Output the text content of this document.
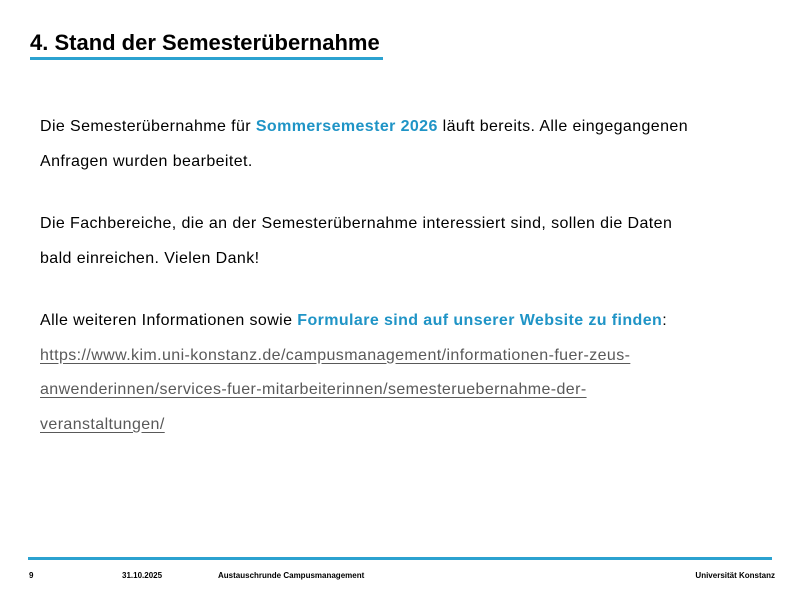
4. Stand der Semesterübernahme
Die Semesterübernahme für Sommersemester 2026 läuft bereits. Alle eingegangenen
Anfragen wurden bearbeitet.
Die Fachbereiche, die an der Semesterübernahme interessiert sind, sollen die Daten
bald einreichen. Vielen Dank!
Alle weiteren Informationen sowie Formulare sind auf unserer Website zu finden:
https://www.kim.uni-konstanz.de/campusmanagement/informationen-fuer-zeus-
anwenderinnen/services-fuer-mitarbeiterinnen/semesteruebernahme-der-
veranstaltungen/
9	31.10.2025	Austauschrunde Campusmanagement	Universität Konstanz
